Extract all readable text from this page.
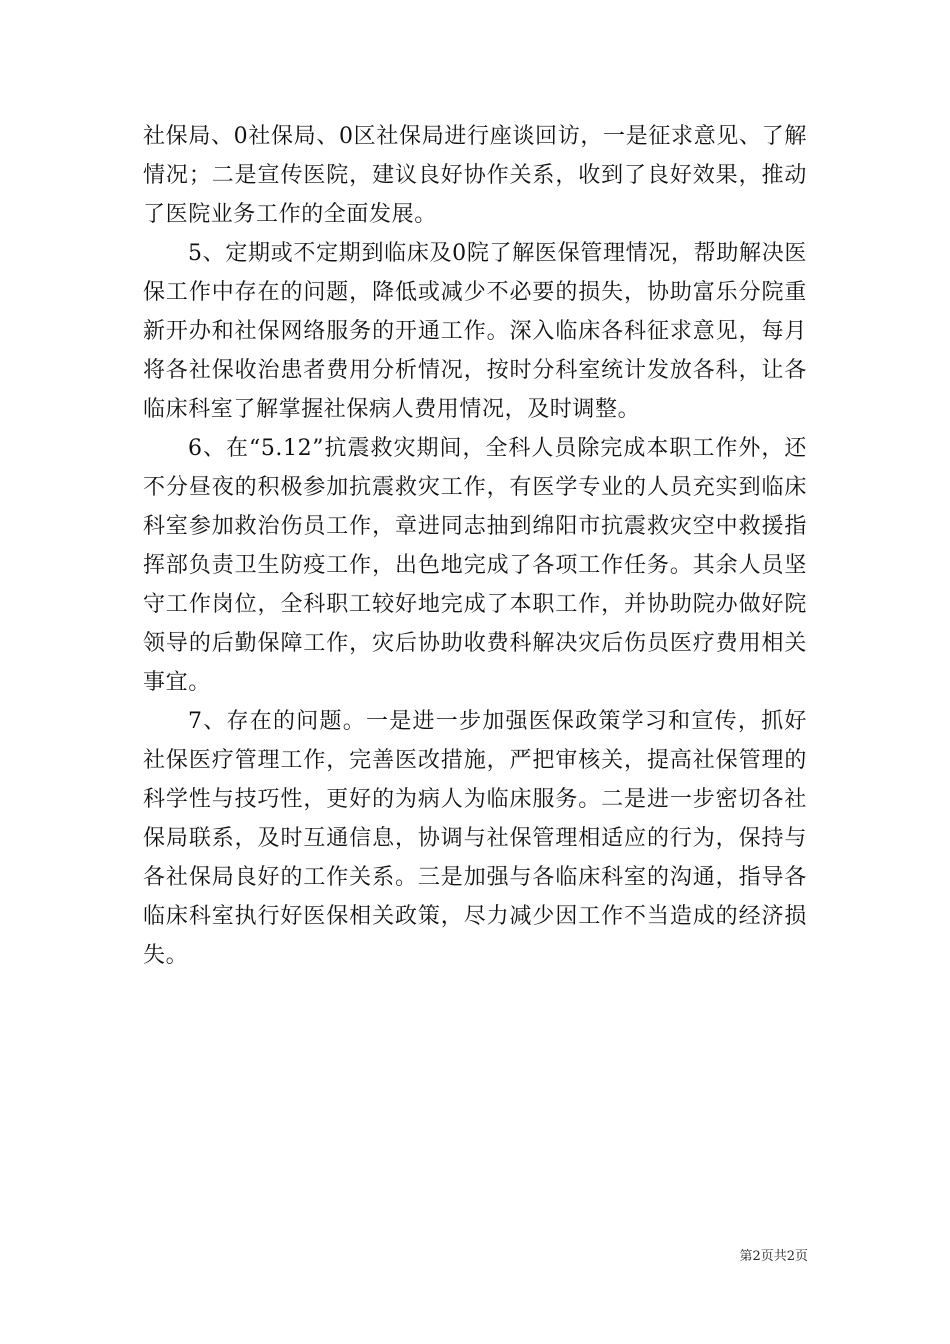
社保局、0社保局、0区社保局进行座谈回访，一是征求意见、了解情况；二是宣传医院，建议良好协作关系，收到了良好效果，推动了医院业务工作的全面发展。

5、定期或不定期到临床及0院了解医保管理情况，帮助解决医保工作中存在的问题，降低或减少不必要的损失，协助富乐分院重新开办和社保网络服务的开通工作。深入临床各科征求意见，每月将各社保收治患者费用分析情况，按时分科室统计发放各科，让各临床科室了解掌握社保病人费用情况，及时调整。

6、在“5.12”抗震救灾期间，全科人员除完成本职工作外，还不分昼夜的积极参加抗震救灾工作，有医学专业的人员充实到临床科室参加救治伤员工作，章进同志抽到绵阳市抗震救灾空中救援指挥部负责卫生防疫工作，出色地完成了各项工作任务。其余人员坚守工作岗位，全科职工较好地完成了本职工作，并协助院办做好院领导的后勤保障工作，灾后协助收费科解决灾后伤员医疗费用相关事宜。

7、存在的问题。一是进一步加强医保政策学习和宣传，抓好社保医疗管理工作，完善医改措施，严把审核关，提高社保管理的科学性与技巧性，更好的为病人为临床服务。二是进一步密切各社保局联系，及时互通信息，协调与社保管理相适应的行为，保持与各社保局良好的工作关系。三是加强与各临床科室的沟通，指导各临床科室执行好医保相关政策，尽力减少因工作不当造成的经济损失。

第2页共2页
